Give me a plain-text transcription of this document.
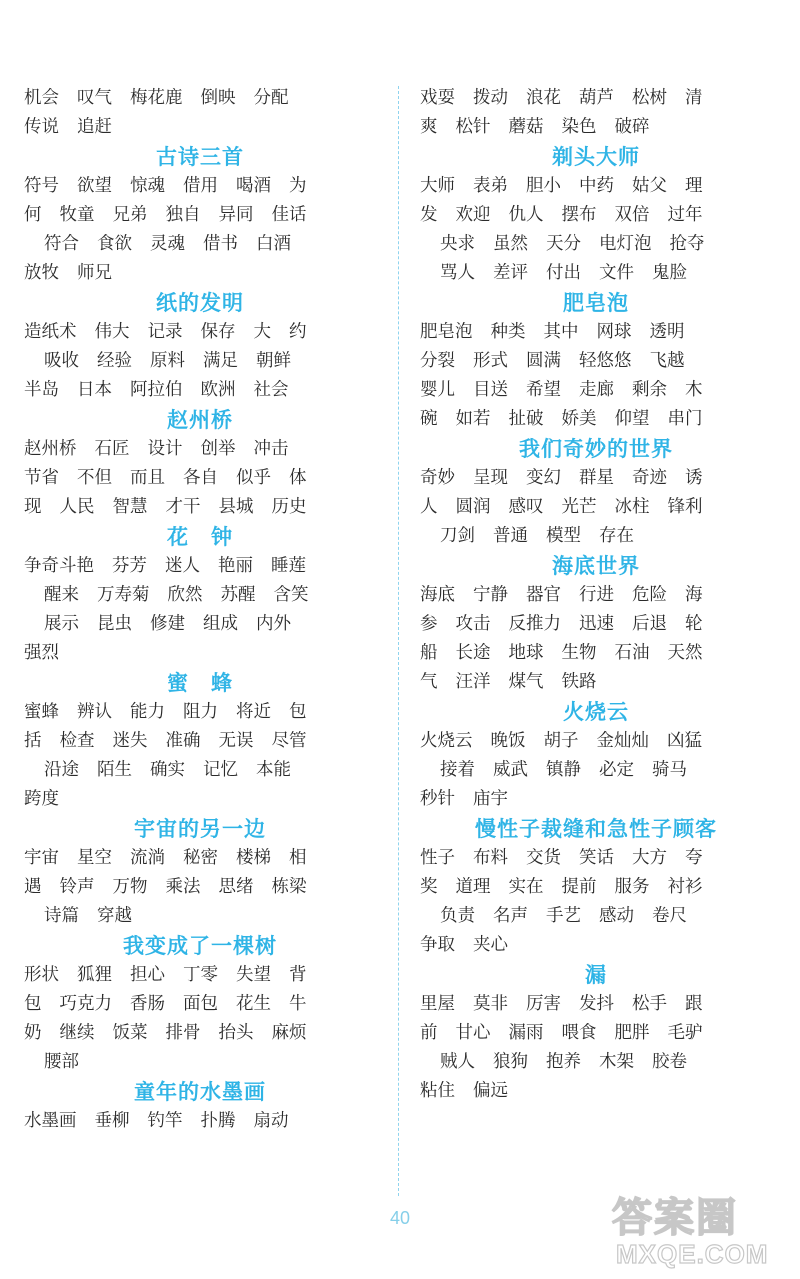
机会 叹气 梅花鹿 倒映 分配
传说 追赶
古诗三首
符号 欲望 惊魂 借用 喝酒 为
何 牧童 兄弟 独自 异同 佳话
符合 食欲 灵魂 借书 白酒
放牧 师兄
纸的发明
造纸术 伟大 记录 保存 大 约
吸收 经验 原料 满足 朝鲜
半岛 日本 阿拉伯 欧洲 社会
赵州桥
赵州桥 石匠 设计 创举 冲击
节省 不但 而且 各自 似乎 体
现 人民 智慧 才干 县城 历史
花　钟
争奇斗艳 芬芳 迷人 艳丽 睡莲
醒来 万寿菊 欣然 苏醒 含笑
展示 昆虫 修建 组成 内外
强烈
蜜　蜂
蜜蜂 辨认 能力 阻力 将近 包
括 检查 迷失 准确 无误 尽管
沿途 陌生 确实 记忆 本能
跨度
宇宙的另一边
宇宙 星空 流淌 秘密 楼梯 相
遇 铃声 万物 乘法 思绪 栋梁
诗篇 穿越
我变成了一棵树
形状 狐狸 担心 丁零 失望 背
包 巧克力 香肠 面包 花生 牛
奶 继续 饭菜 排骨 抬头 麻烦
腰部
童年的水墨画
水墨画 垂柳 钓竿 扑腾 扇动
戏耍 拨动 浪花 葫芦 松树 清
爽 松针 蘑菇 染色 破碎
剃头大师
大师 表弟 胆小 中药 姑父 理
发 欢迎 仇人 摆布 双倍 过年
央求 虽然 天分 电灯泡 抢夺
骂人 差评 付出 文件 鬼脸
肥皂泡
肥皂泡 种类 其中 网球 透明
分裂 形式 圆满 轻悠悠 飞越
婴儿 目送 希望 走廊 剩余 木
碗 如若 扯破 娇美 仰望 串门
我们奇妙的世界
奇妙 呈现 变幻 群星 奇迹 诱
人 圆润 感叹 光芒 冰柱 锋利
刀剑 普通 模型 存在
海底世界
海底 宁静 器官 行进 危险 海
参 攻击 反推力 迅速 后退 轮
船 长途 地球 生物 石油 天然
气 汪洋 煤气 铁路
火烧云
火烧云 晚饭 胡子 金灿灿 凶猛
接着 威武 镇静 必定 骑马
秒针 庙宇
慢性子裁缝和急性子顾客
性子 布料 交货 笑话 大方 夸
奖 道理 实在 提前 服务 衬衫
负责 名声 手艺 感动 卷尺
争取 夹心
漏
里屋 莫非 厉害 发抖 松手 跟
前 甘心 漏雨 喂食 肥胖 毛驴
贼人 狼狗 抱养 木架 胶卷
粘住 偏远
40	答案圈
MXQE.COM
